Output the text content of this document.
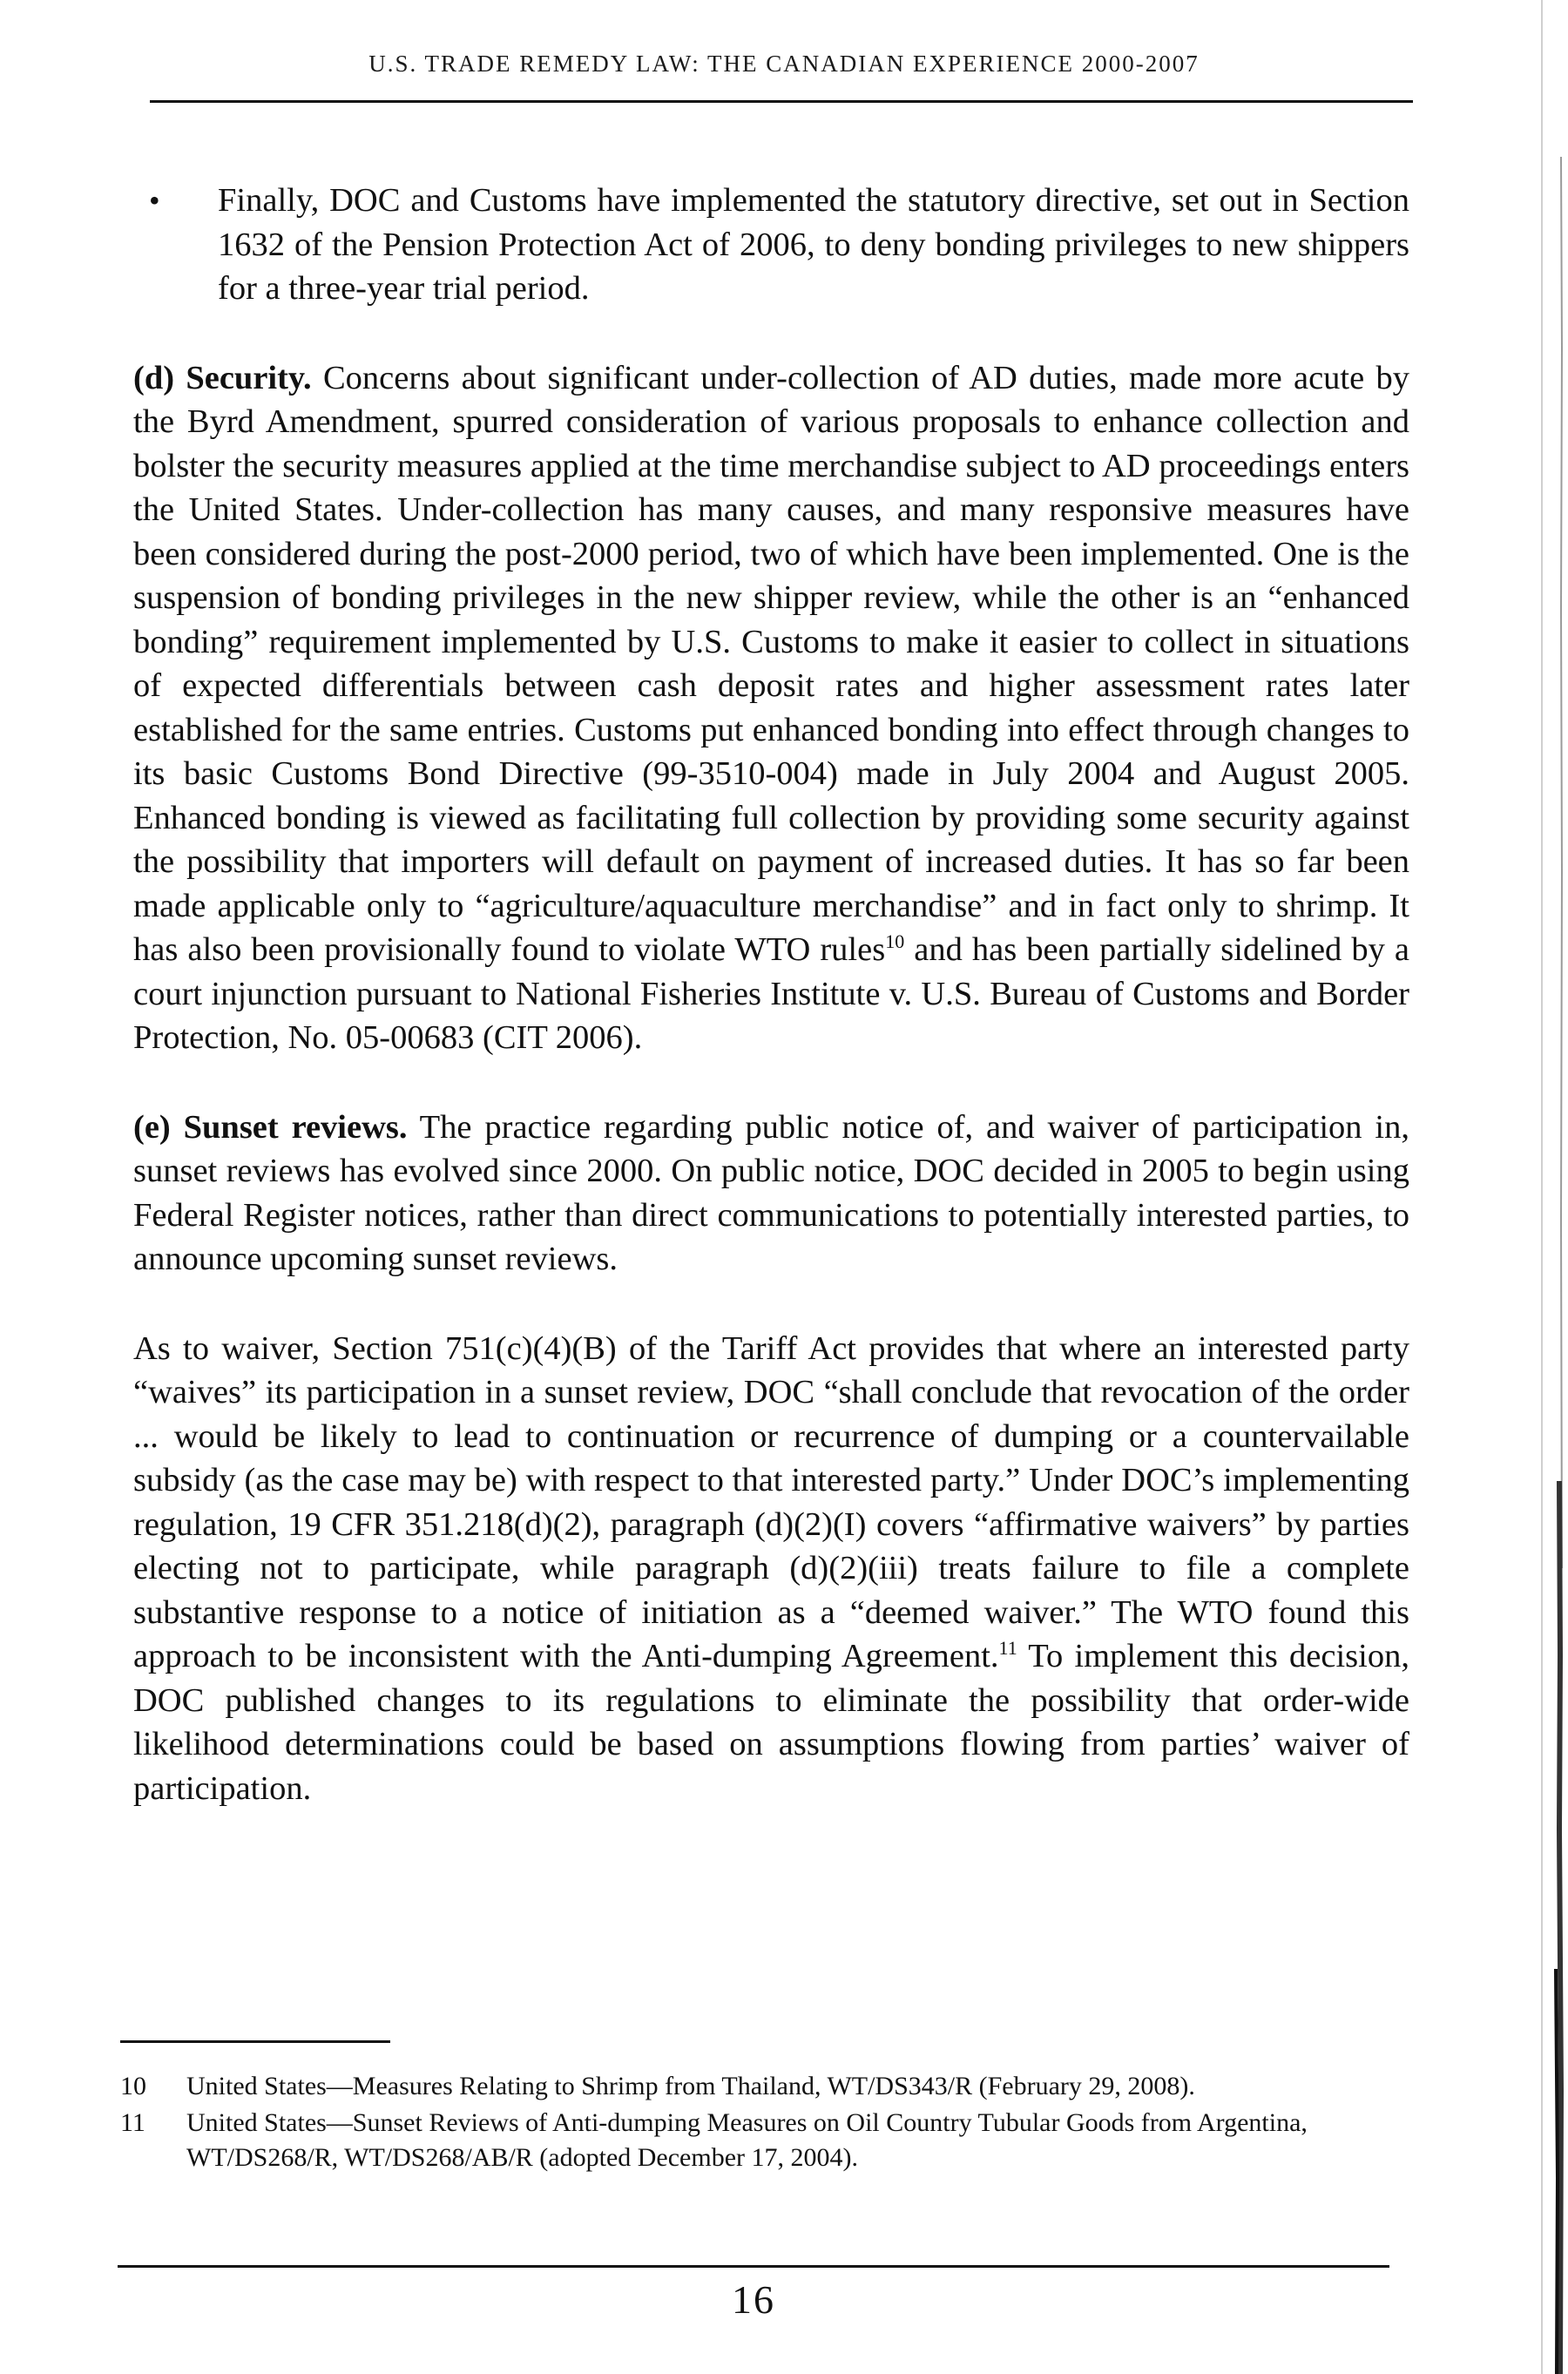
U.S. TRADE REMEDY LAW: THE CANADIAN EXPERIENCE 2000-2007
• Finally, DOC and Customs have implemented the statutory directive, set out in Section 1632 of the Pension Protection Act of 2006, to deny bonding privileges to new shippers for a three-year trial period.

(d) Security. Concerns about significant under-collection of AD duties, made more acute by the Byrd Amendment, spurred consideration of various proposals to enhance collection and bolster the security measures applied at the time merchandise subject to AD proceedings enters the United States. Under-collection has many causes, and many responsive measures have been considered during the post-2000 period, two of which have been implemented. One is the suspension of bonding privileges in the new shipper review, while the other is an “enhanced bonding” requirement implemented by U.S. Customs to make it easier to collect in situations of expected differentials between cash deposit rates and higher assessment rates later established for the same entries. Customs put enhanced bonding into effect through changes to its basic Customs Bond Directive (99-3510-004) made in July 2004 and August 2005. Enhanced bonding is viewed as facilitating full collection by providing some security against the possibility that importers will default on payment of increased duties. It has so far been made applicable only to “agriculture/aquaculture merchandise” and in fact only to shrimp. It has also been provisionally found to violate WTO rules$^{10}$ and has been partially sidelined by a court injunction pursuant to National Fisheries Institute v. U.S. Bureau of Customs and Border Protection, No. 05-00683 (CIT 2006).

(e) Sunset reviews. The practice regarding public notice of, and waiver of participation in, sunset reviews has evolved since 2000. On public notice, DOC decided in 2005 to begin using Federal Register notices, rather than direct communications to potentially interested parties, to announce upcoming sunset reviews.

As to waiver, Section 751(c)(4)(B) of the Tariff Act provides that where an interested party “waives” its participation in a sunset review, DOC “shall conclude that revocation of the order ... would be likely to lead to continuation or recurrence of dumping or a countervailable subsidy (as the case may be) with respect to that interested party.” Under DOC’s implementing regulation, 19 CFR 351.218(d)(2), paragraph (d)(2)(I) covers “affirmative waivers” by parties electing not to participate, while paragraph (d)(2)(iii) treats failure to file a complete substantive response to a notice of initiation as a “deemed waiver.” The WTO found this approach to be inconsistent with the Anti-dumping Agreement.$^{11}$ To implement this decision, DOC published changes to its regulations to eliminate the possibility that order-wide likelihood determinations could be based on assumptions flowing from parties’ waiver of participation.

10 United States—Measures Relating to Shrimp from Thailand, WT/DS343/R (February 29, 2008).
11 United States—Sunset Reviews of Anti-dumping Measures on Oil Country Tubular Goods from Argentina, WT/DS268/R, WT/DS268/AB/R (adopted December 17, 2004).
16
